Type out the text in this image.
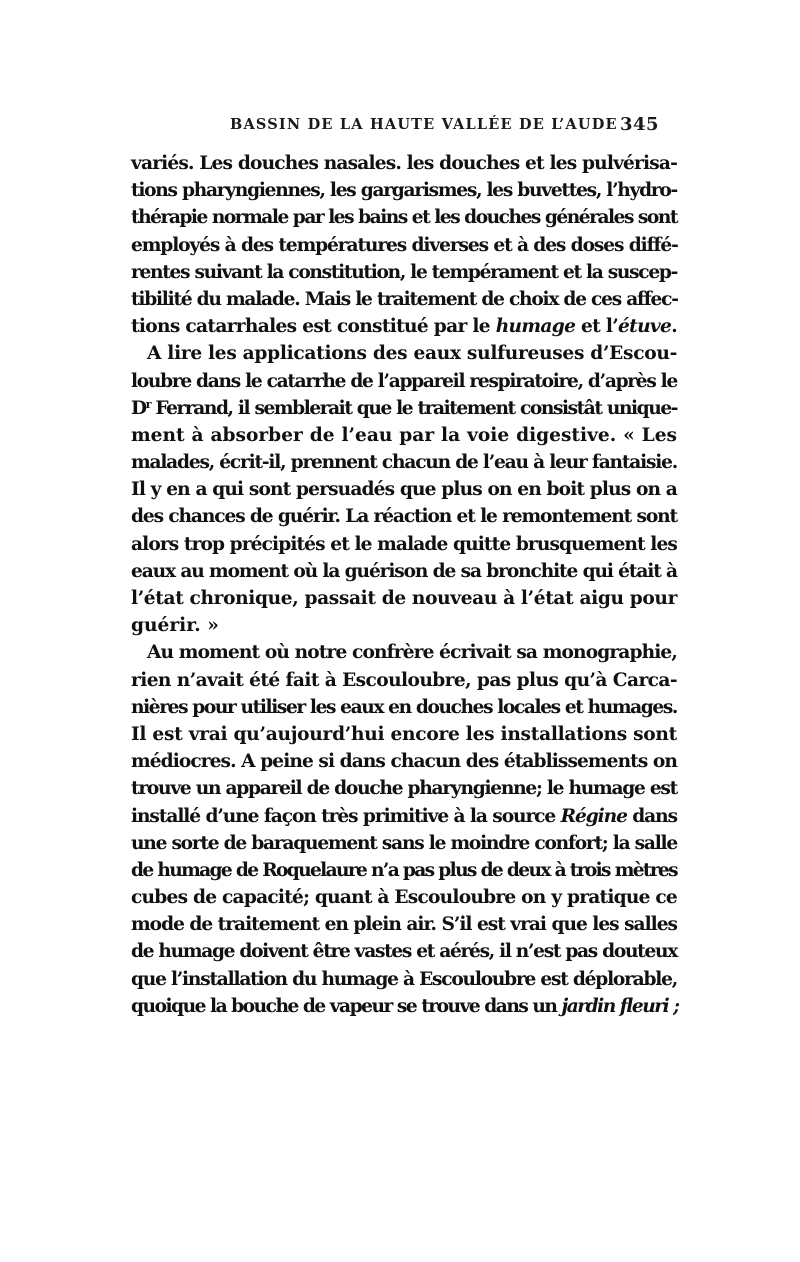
BASSIN DE LA HAUTE VALLÉE DE L’AUDE 345
variés. Les douches nasales. les douches et les pulvérisa-
tions pharyngiennes, les gargarismes, les buvettes, l’hydro-
thérapie normale par les bains et les douches générales sont
employés à des températures diverses et à des doses diffé-
rentes suivant la constitution, le tempérament et la suscep-
tibilité du malade. Mais le traitement de choix de ces affec-
tions catarrhales est constitué par le humage et l’étuve.
A lire les applications des eaux sulfureuses d’Escou-
loubre dans le catarrhe de l’appareil respiratoire, d’après le
$D^r$ Ferrand, il semblerait que le traitement consistât unique-
ment à absorber de l’eau par la voie digestive. « Les
malades, écrit-il, prennent chacun de l’eau à leur fantaisie.
Il y en a qui sont persuadés que plus on en boit plus on a
des chances de guérir. La réaction et le remontement sont
alors trop précipités et le malade quitte brusquement les
eaux au moment où la guérison de sa bronchite qui était à
l’état chronique, passait de nouveau à l’état aigu pour
guérir. »
Au moment où notre confrère écrivait sa monographie,
rien n’avait été fait à Escouloubre, pas plus qu’à Carca-
nières pour utiliser les eaux en douches locales et humages.
Il est vrai qu’aujourd’hui encore les installations sont
médiocres. A peine si dans chacun des établissements on
trouve un appareil de douche pharyngienne; le humage est
installé d’une façon très primitive à la source Régine dans
une sorte de baraquement sans le moindre confort; la salle
de humage de Roquelaure n’a pas plus de deux à trois mètres
cubes de capacité; quant à Escouloubre on y pratique ce
mode de traitement en plein air. S’il est vrai que les salles
de humage doivent être vastes et aérés, il n’est pas douteux
que l’installation du humage à Escouloubre est déplorable,
quoique la bouche de vapeur se trouve dans un jardin fleuri ;
